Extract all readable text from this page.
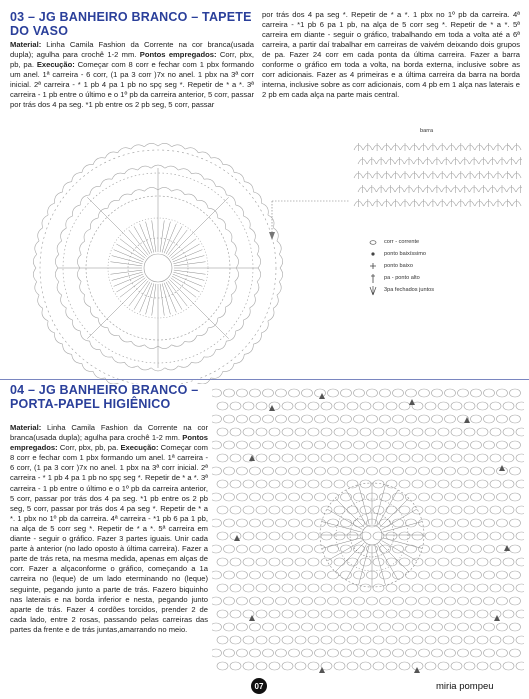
03 – JG BANHEIRO BRANCO – TAPETE
DO VASO
Material: Linha Camila Fashion da Corrente na cor branca(usada dupla); agulha para crochê 1-2 mm. Pontos empregados: Corr, pbx, pb, pa. Execução: Começar com 8 corr e fechar com 1 pbx formando um anel. 1ª carreira - 6 corr, (1 pa 3 corr )7x no anel. 1 pbx na 3ª corr inicial. 2ª carreira - * 1 pb 4 pa 1 pb no spç seg *. Repetir de * a *. 3ª carreira - 1 pb entre o último e o 1º pb da carreira anterior, 5 corr, passar por trás dos 4 pa seg. *1 pb entre os 2 pb seg, 5 corr, passar
por trás dos 4 pa seg *. Repetir de * a *. 1 pbx no 1º pb da carreira. 4ª carreira - *1 pb 6 pa 1 pb, na alça de 5 corr seg *. Repetir de * a *. 5ª carreira em diante - seguir o gráfico, trabalhando em toda a volta até a 6ª carreira, a partir daí trabalhar em carreiras de vaivém deixando dois grupos de pa. Fazer 24 corr em cada ponta da última carreira. Fazer a barra conforme o gráfico em toda a volta, na borda externa, inclusive sobre as corr adicionais. Fazer as 4 primeiras e a última carreira da barra na borda interna, inclusive sobre as corr adicionais, com 4 pb em 1 alça nas laterais e 2 pb em cada alça na parte mais central.
barra
corr - corrente
ponto baixíssimo
ponto baixo
pa - ponto alto
3pa fechados juntos
04 – JG BANHEIRO BRANCO –
PORTA-PAPEL HIGIÊNICO
Material: Linha Camila Fashion da Corrente na cor branca(usada dupla); agulha para crochê 1-2 mm. Pontos empregados: Corr, pbx, pb, pa. Execução: Começar com 8 corr e fechar com 1 pbx formando um anel. 1ª carreira - 6 corr, (1 pa 3 corr )7x no anel. 1 pbx na 3ª corr inicial. 2ª carreira - * 1 pb 4 pa 1 pb no spç seg *. Repetir de * a *. 3ª carreira - 1 pb entre o último e o 1º pb da carreira anterior, 5 corr, passar por trás dos 4 pa seg. *1 pb entre os 2 pb seg, 5 corr, passar por trás dos 4 pa seg *. Repetir de * a *. 1 pbx no 1º pb da carreira. 4ª carreira - *1 pb 6 pa 1 pb, na alça de 5 corr seg *. Repetir de * a *. 5ª carreira em diante - seguir o gráfico. Fazer 3 partes iguais. Unir cada parte à anterior (no lado oposto à última carreira). Fazer a parte de trás reta, na mesma medida, apenas em alças de corr. Fazer a alçaconforme o gráfico, começando a 1a carreira no (leque) de um lado eterminando no (leque) seguinte, pegando junto a parte de trás. Fazero biquinho nas laterais e na borda inferior e nesta, pegando junto aparte de trás. Fazer 4 cordões torcidos, prender 2 de cada lado, entre 2 rosas, passando pelas carreiras das partes da frente e de trás juntas,amarrando no meio.
07	miria pompeu
